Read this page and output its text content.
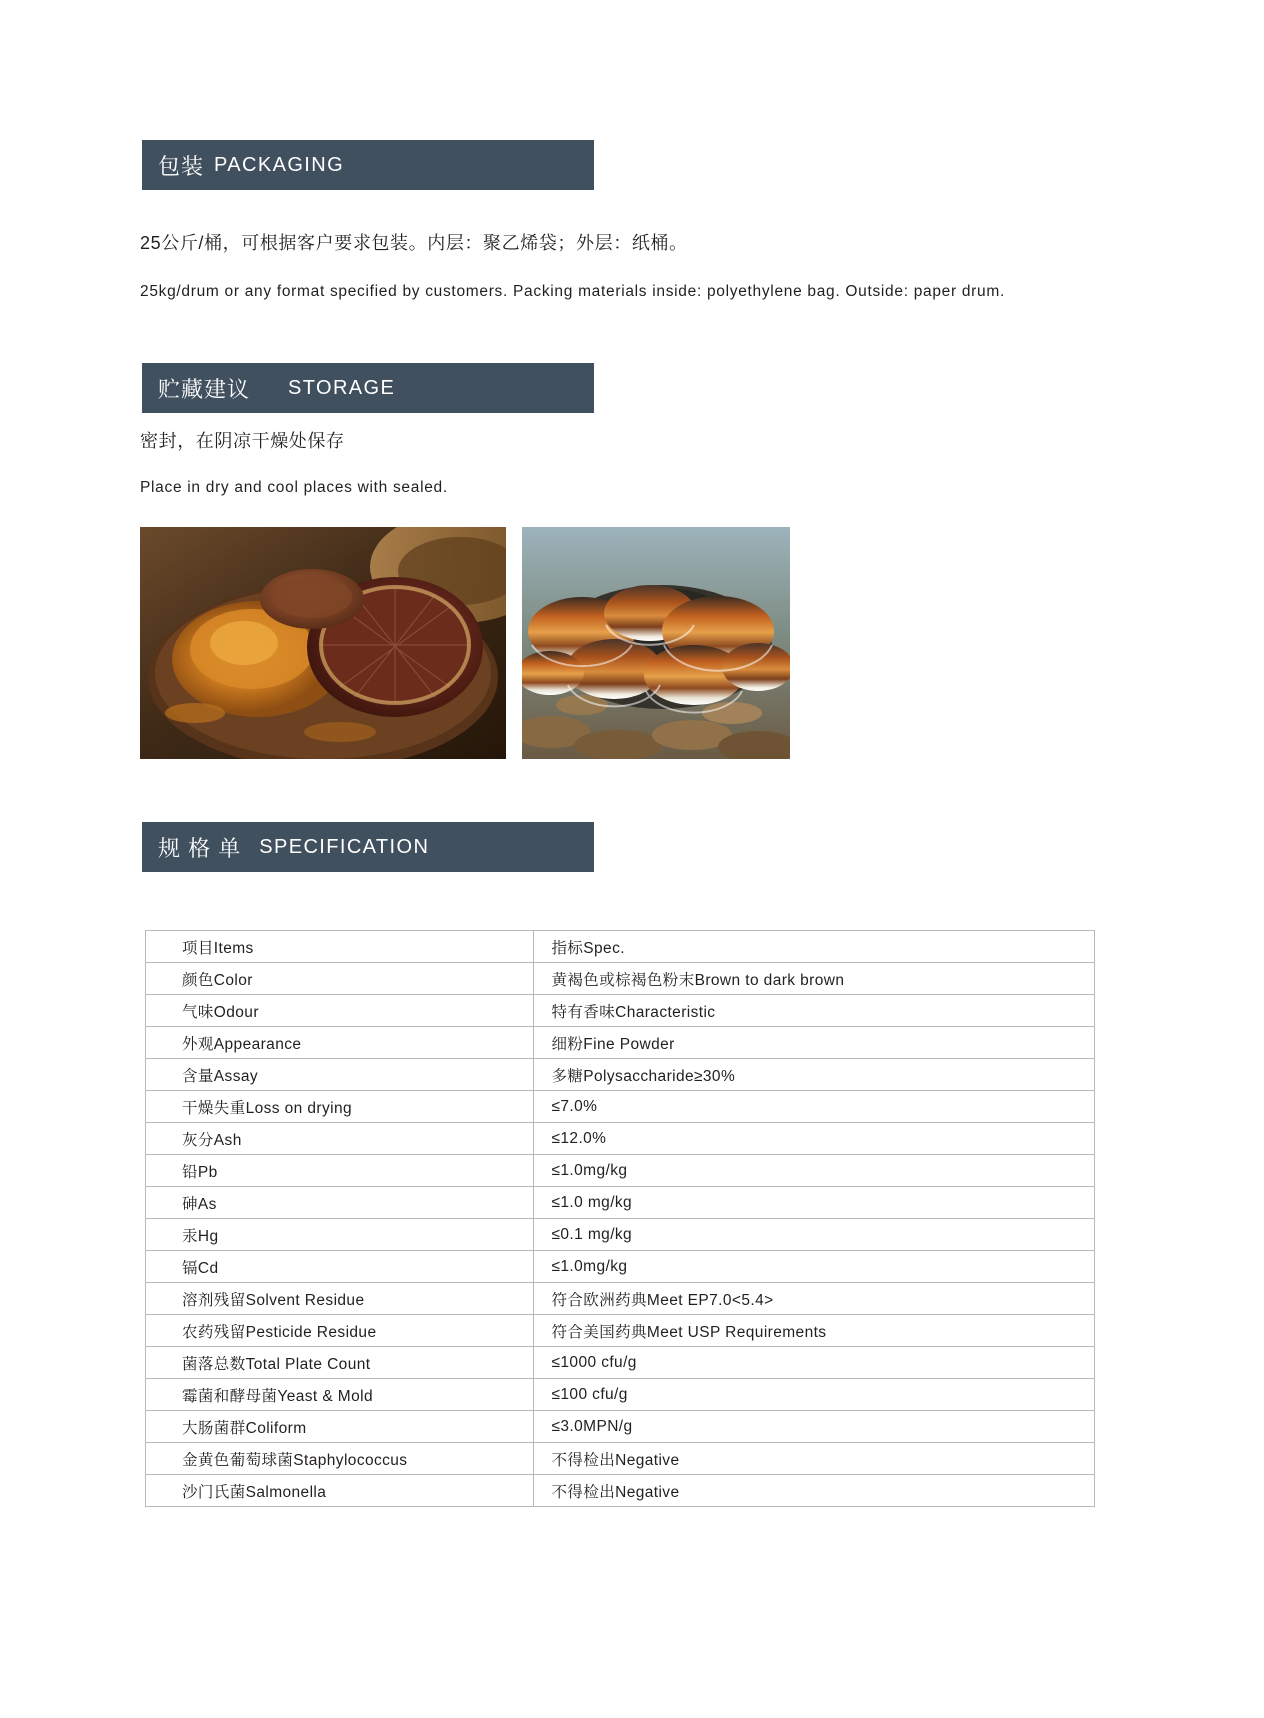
包装 PACKAGING
25公斤/桶，可根据客户要求包装。内层：聚乙烯袋；外层：纸桶。
25kg/drum or any format specified by customers. Packing materials inside: polyethylene bag. Outside: paper drum.
贮藏建议 STORAGE
密封，在阴凉干燥处保存
Place in dry and cool places with sealed.
规 格 单 SPECIFICATION
项目Items	指标Spec.
颜色Color	黄褐色或棕褐色粉末Brown to dark brown
气味Odour	特有香味Characteristic
外观Appearance	细粉Fine Powder
含量Assay	多糖Polysaccharide≥30%
干燥失重Loss on drying	≤7.0%
灰分Ash	≤12.0%
铅Pb	≤1.0mg/kg
砷As	≤1.0 mg/kg
汞Hg	≤0.1 mg/kg
镉Cd	≤1.0mg/kg
溶剂残留Solvent Residue	符合欧洲药典Meet EP7.0<5.4>
农药残留Pesticide Residue	符合美国药典Meet USP Requirements
菌落总数Total Plate Count	≤1000 cfu/g
霉菌和酵母菌Yeast & Mold	≤100 cfu/g
大肠菌群Coliform	≤3.0MPN/g
金黄色葡萄球菌Staphylococcus	不得检出Negative
沙门氏菌Salmonella	不得检出Negative
